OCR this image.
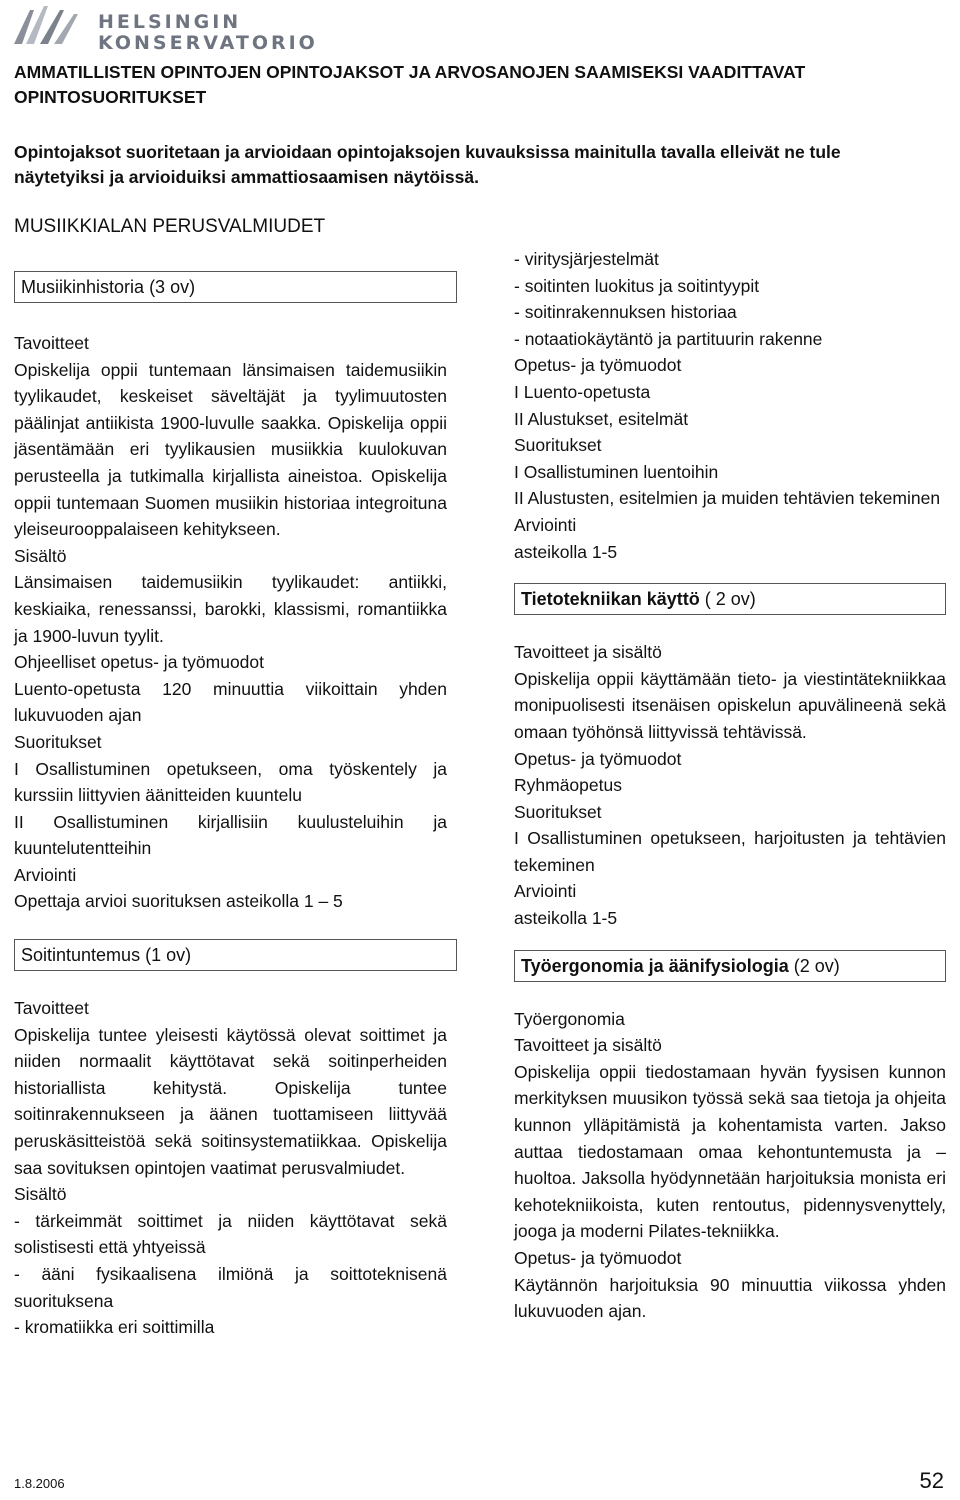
HELSINGIN
KONSERVATORIO
AMMATILLISTEN OPINTOJEN OPINTOJAKSOT JA ARVOSANOJEN SAAMISEKSI VAADITTAVAT OPINTOSUORITUKSET
Opintojaksot suoritetaan ja arvioidaan opintojaksojen kuvauksissa mainitulla tavalla elleivät ne tule näytetyiksi ja arvioiduiksi ammattiosaamisen näytöissä.
MUSIIKKIALAN PERUSVALMIUDET
Musiikinhistoria (3 ov)

Tavoitteet

Opiskelija oppii tuntemaan länsimaisen taidemusiikin tyylikaudet, keskeiset säveltäjät ja tyylimuutosten päälinjat antiikista 1900-luvulle saakka. Opiskelija oppii jäsentämään eri tyylikausien musiikkia kuulokuvan perusteella ja tutkimalla kirjallista aineistoa. Opiskelija oppii tuntemaan Suomen musiikin historiaa integroituna yleiseurooppalaiseen kehitykseen.

Sisältö

Länsimaisen taidemusiikin tyylikaudet: antiikki, keskiaika, renessanssi, barokki, klassismi, romantiikka ja 1900-luvun tyylit.

Ohjeelliset opetus- ja työmuodot

Luento-opetusta 120 minuuttia viikoittain yhden lukuvuoden ajan

Suoritukset

I Osallistuminen opetukseen, oma työskentely ja kurssiin liittyvien äänitteiden kuuntelu

II Osallistuminen kirjallisiin kuulusteluihin ja kuuntelutentteihin

Arviointi

Opettaja arvioi suorituksen asteikolla 1 – 5

Soitintuntemus (1 ov)

Tavoitteet

Opiskelija tuntee yleisesti käytössä olevat soittimet ja niiden normaalit käyttötavat sekä soitinperheiden historiallista kehitystä. Opiskelija tuntee soitinrakennukseen ja äänen tuottamiseen liittyvää peruskäsitteistöä sekä soitinsystematiikkaa. Opiskelija saa sovituksen opintojen vaatimat perusvalmiudet.

Sisältö

- tärkeimmät soittimet ja niiden käyttötavat sekä solistisesti että yhtyeissä

- ääni fysikaalisena ilmiönä ja soittoteknisenä suorituksena

- kromatiikka eri soittimilla

- viritysjärjestelmät

- soitinten luokitus ja soitintyypit

- soitinrakennuksen historiaa

- notaatiokäytäntö ja partituurin rakenne

Opetus- ja työmuodot

I Luento-opetusta

II Alustukset, esitelmät

Suoritukset

I Osallistuminen luentoihin

II Alustusten, esitelmien ja muiden tehtävien tekeminen

Arviointi

asteikolla 1-5

Tietotekniikan käyttö ( 2 ov)

Tavoitteet ja sisältö

Opiskelija oppii käyttämään tieto- ja viestintätekniikkaa monipuolisesti itsenäisen opiskelun apuvälineenä sekä omaan työhönsä liittyvissä tehtävissä.

Opetus- ja työmuodot

Ryhmäopetus

Suoritukset

I Osallistuminen opetukseen, harjoitusten ja tehtävien tekeminen

Arviointi

asteikolla 1-5

Työergonomia ja äänifysiologia (2 ov)

Työergonomia

Tavoitteet ja sisältö

Opiskelija oppii tiedostamaan hyvän fyysisen kunnon merkityksen muusikon työssä sekä saa tietoja ja ohjeita kunnon ylläpitämistä ja kohentamista varten. Jakso auttaa tiedostamaan omaa kehontuntemusta ja –huoltoa. Jaksolla hyödynnetään harjoituksia monista eri kehotekniikoista, kuten rentoutus, pidennysvenyttely, jooga ja moderni Pilates-tekniikka.

Opetus- ja työmuodot

Käytännön harjoituksia 90 minuuttia viikossa yhden lukuvuoden ajan.

1.8.2006	52
